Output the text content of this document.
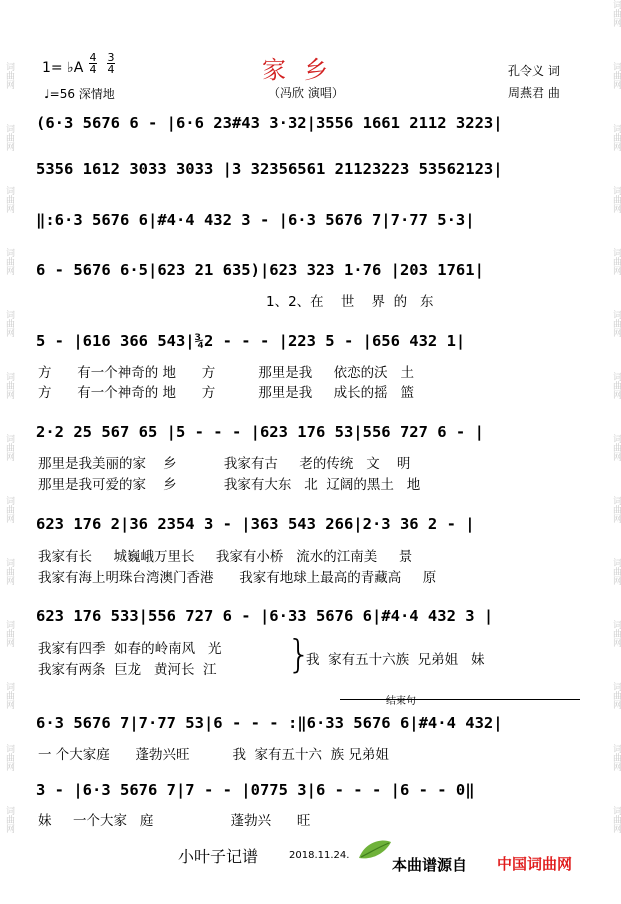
词曲网
词曲网
词曲网
词曲网
词曲网
词曲网
词曲网
词曲网
词曲网
词曲网
词曲网
词曲网
词曲网
词曲网
词曲网
词曲网
词曲网
词曲网
词曲网
词曲网
词曲网
词曲网
词曲网
词曲网
词曲网
词曲网
词曲网
1= ♭A
4
4
3
4
♩=56 深情地
家乡
（冯欣 演唱）
孔令义 词
周燕君 曲
(6·3 5676 6 - |6·6 23#43 3·32|3556 1661 2112 3223|
5356 1612 3033 3033 |3 32356561 21123223 53562123|
‖:6·3 5676 6|#4·4 432 3 - |6·3 5676 7|7·77 5·3|
6 - 5676 6·5|623 21 635)|623 323 1·76 |203 1761|
1、2、在    世    界  的   东
5 - |616 366 543|¾2 - - - |223 5 - |656 432 1|
方      有一个神奇的 地      方          那里是我     依恋的沃   土
方      有一个神奇的 地      方          那里是我     成长的摇   篮
2·2 25 567 65 |5 - - - |623 176 53|556 727 6 - |
那里是我美丽的家    乡           我家有古     老的传统   文    明
那里是我可爱的家    乡           我家有大东   北  辽阔的黑土   地
623 176 2|36 2354 3 - |363 543 266|2·3 36 2 - |
我家有长     城巍峨万里长     我家有小桥   流水的江南美     景
我家有海上明珠台湾澳门香港      我家有地球上最高的青藏高     原
623 176 533|556 727 6 - |6·33 5676 6|#4·4 432 3 |
我家有四季  如春的岭南风   光
我家有两条  巨龙   黄河长  江 }
我  家有五十六族  兄弟姐   妹
结束句
6·3 5676 7|7·77 53|6 - - - :‖6·33 5676 6|#4·4 432|
一 个大家庭      蓬勃兴旺          我  家有五十六  族 兄弟姐
3 - |6·3 5676 7|7 - - |0775 3|6 - - - |6 - - 0‖
妹     一个大家   庭                  蓬勃兴      旺
小叶子记谱	2018.11.24.
本曲谱源自 中国词曲网
